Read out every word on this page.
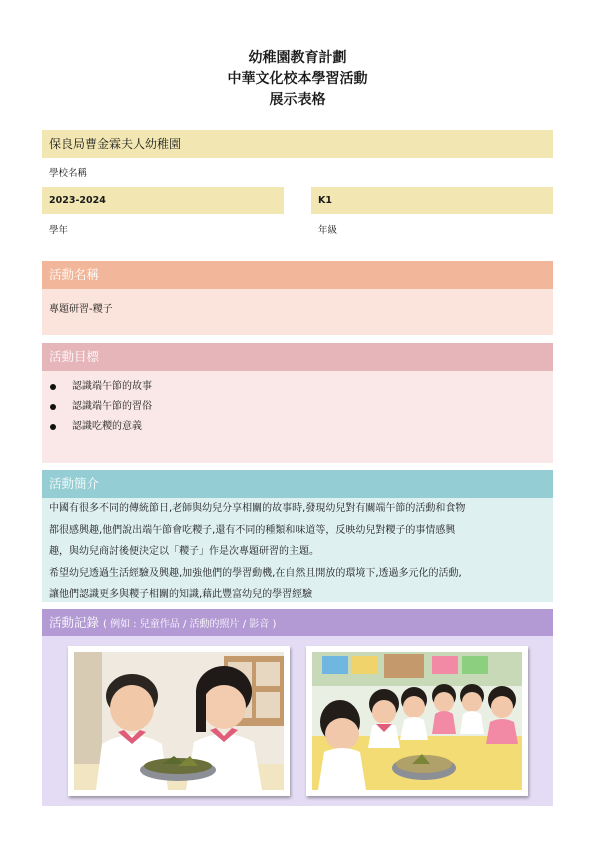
幼稚園教育計劃
中華文化校本學習活動
展示表格
保良局曹金霖夫人幼稚園
學校名稱
2023-2024	K1
學年	年級
活動名稱
專題研習-糭子
活動目標
認識端午節的故事
認識端午節的習俗
認識吃糭的意義
活動簡介
中國有很多不同的傳統節日,老師與幼兒分享相關的故事時,發現幼兒對有關端午節的活動和食物
都很感興趣,他們說出端午節會吃糭子,還有不同的種類和味道等，反映幼兒對糭子的事情感興
趣，與幼兒商討後便決定以「糭子」作是次專題研習的主題。
希望幼兒透過生活經驗及興趣,加強他們的學習動機,在自然且開放的環境下,透過多元化的活動,
讓他們認識更多與糭子相關的知識,藉此豐富幼兒的學習經驗
活動記錄 ( 例如 : 兒童作品 / 活動的照片 / 影音 )
